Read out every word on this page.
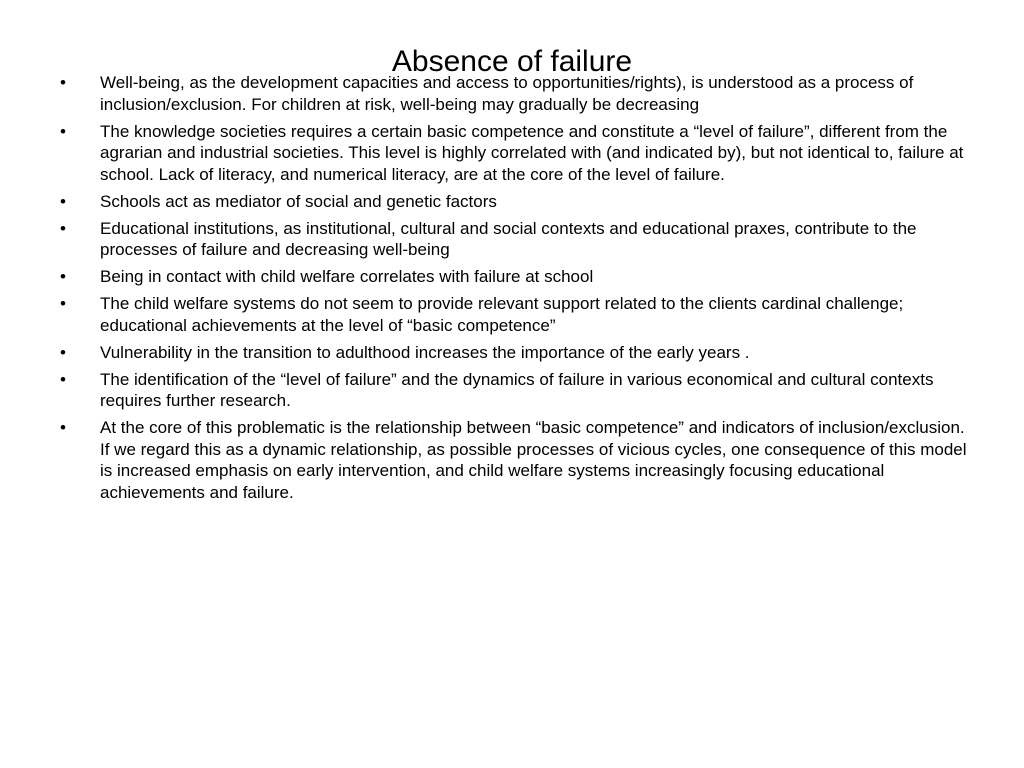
Absence of failure
• Well-being, as the development capacities and access to opportunities/rights), is understood as a process of inclusion/exclusion. For children at risk, well-being may gradually be decreasing
• The knowledge societies requires a certain basic competence and constitute a “level of failure”, different from the agrarian and industrial societies. This level is highly correlated with (and indicated by), but not identical to, failure at school. Lack of literacy, and numerical literacy, are at the core of the level of failure.
• Schools act as mediator of social and genetic factors
• Educational institutions, as institutional, cultural and social contexts and educational praxes, contribute to the processes of failure and decreasing well-being
• Being in contact with child welfare correlates with failure at school
• The child welfare systems do not seem to provide relevant support related to the clients cardinal challenge; educational achievements at the level of “basic competence”
• Vulnerability in the transition to adulthood increases the importance of the early years .
• The identification of the “level of failure” and the dynamics of failure in various economical and cultural contexts requires further research.
• At the core of this problematic is the relationship between “basic competence” and indicators of inclusion/exclusion. If we regard this as a dynamic relationship, as possible processes of vicious cycles, one consequence of this model is increased emphasis on early intervention, and child welfare systems increasingly focusing educational achievements and failure.
